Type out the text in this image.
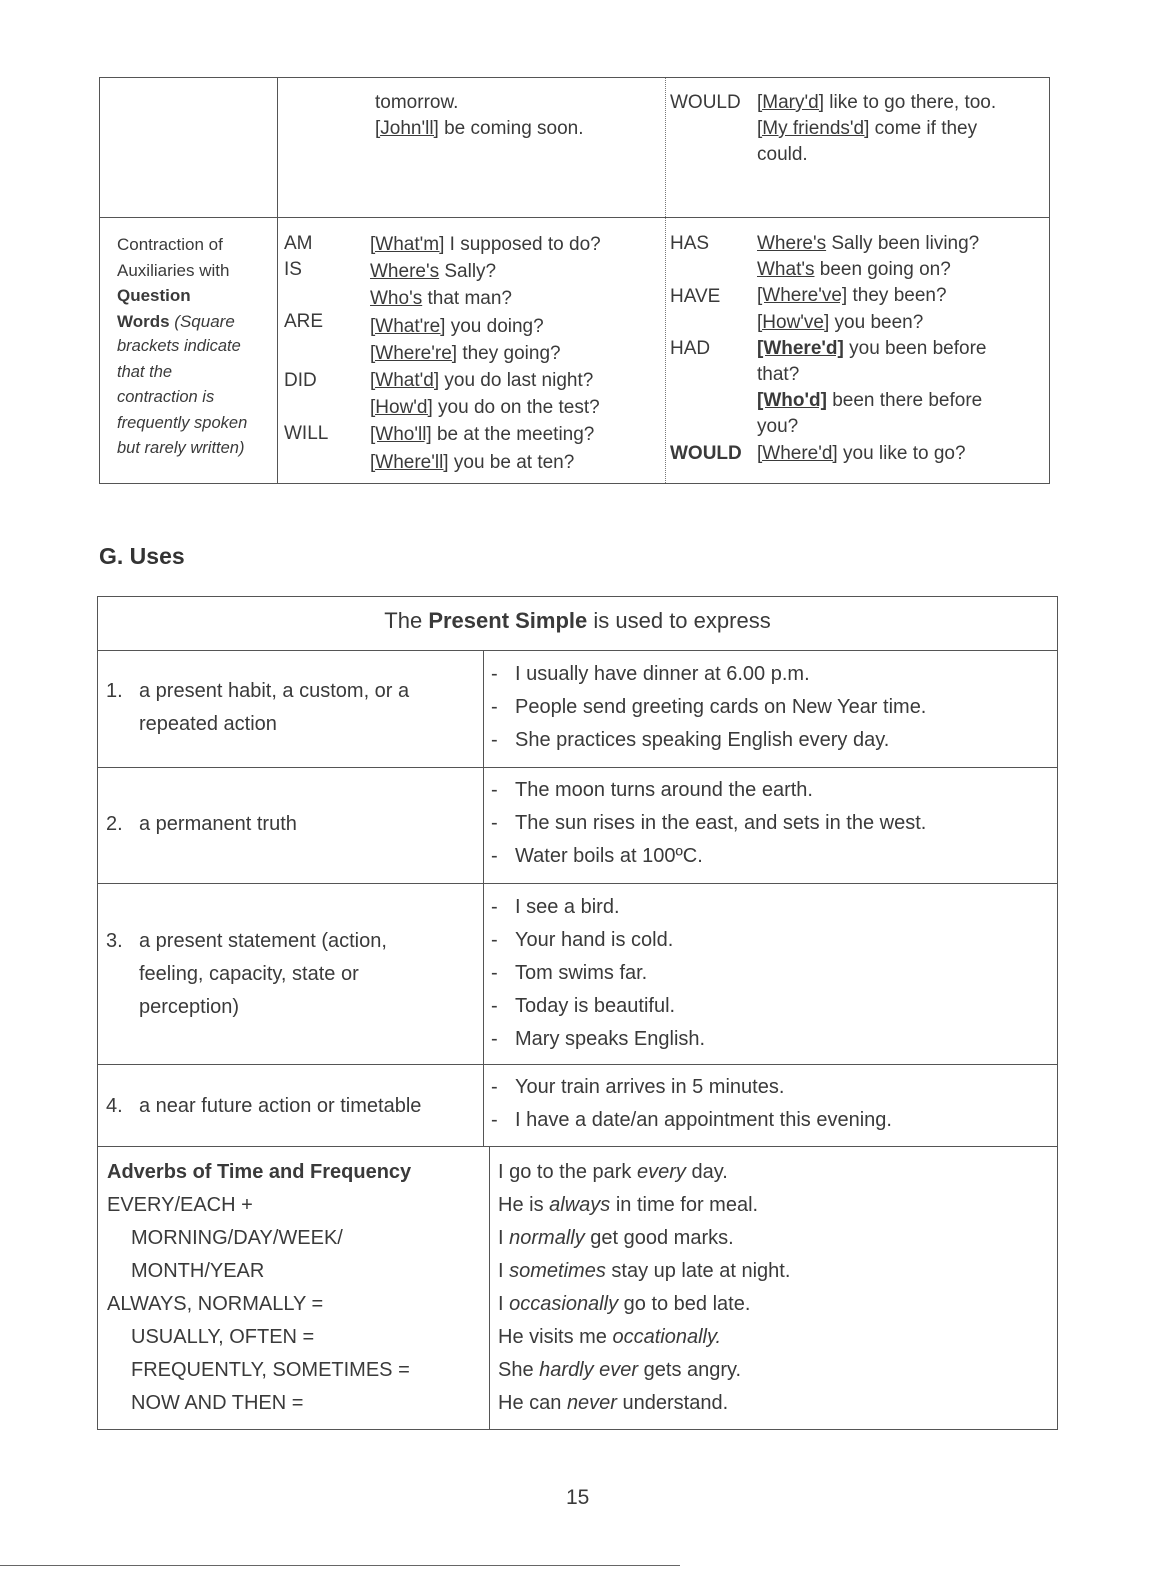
tomorrow.
[John'll] be coming soon.
WOULD [Mary'd] like to go there, too.
[My friends'd] come if they
could.
Contraction of
Auxiliaries with
Question
Words (Square
brackets indicate
that the
contraction is
frequently spoken
but rarely written)
AM
IS
ARE
DID
WILL
[What'm] I supposed to do?
Where's Sally?
Who's that man?
[What're] you doing?
[Where're] they going?
[What'd] you do last night?
[How'd] you do on the test?
[Who'll] be at the meeting?
[Where'll] you be at ten?
HAS
HAVE
HAD
WOULD
Where's Sally been living?
What's been going on?
[Where've] they been?
[How've] you been?
[Where'd] you been before
that?
[Who'd] been there before
you?
[Where'd] you like to go?
G. Uses
The Present Simple is used to express
1. a present habit, a custom, or a
repeated action
- I usually have dinner at 6.00 p.m.
- People send greeting cards on New Year time.
- She practices speaking English every day.
2. a permanent truth
- The moon turns around the earth.
- The sun rises in the east, and sets in the west.
- Water boils at 100ºC.
3. a present statement (action,
feeling, capacity, state or
perception)
- I see a bird.
- Your hand is cold.
- Tom swims far.
- Today is beautiful.
- Mary speaks English.
4. a near future action or timetable
- Your train arrives in 5 minutes.
- I have a date/an appointment this evening.
Adverbs of Time and Frequency
EVERY/EACH +
MORNING/DAY/WEEK/
MONTH/YEAR
ALWAYS, NORMALLY =
USUALLY, OFTEN =
FREQUENTLY, SOMETIMES =
NOW AND THEN =
I go to the park every day.
He is always in time for meal.
I normally get good marks.
I sometimes stay up late at night.
I occasionally go to bed late.
He visits me occationally.
She hardly ever gets angry.
He can never understand.
15
